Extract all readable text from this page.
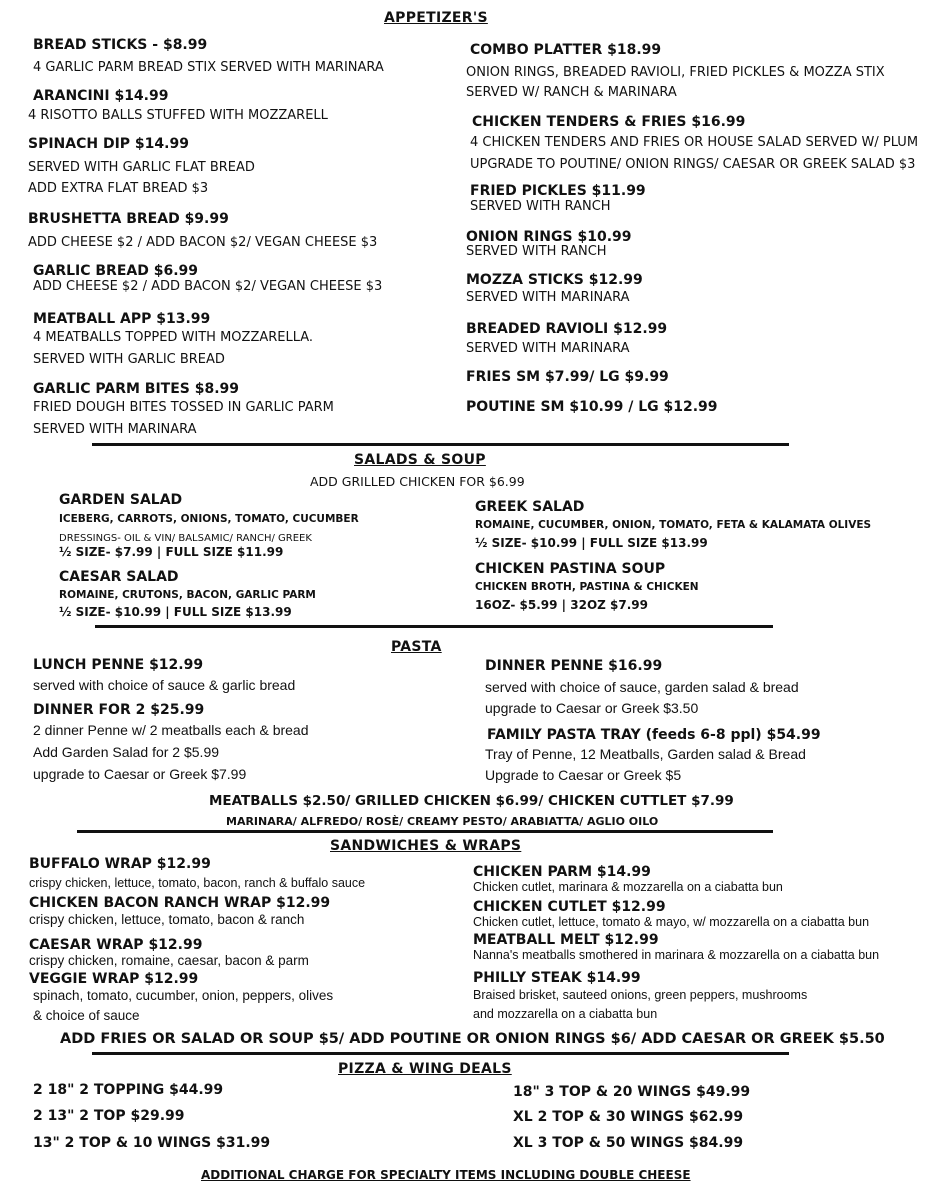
APPETIZER'S
BREAD STICKS - $8.99
4 GARLIC PARM BREAD STIX SERVED WITH MARINARA
ARANCINI $14.99
4 RISOTTO BALLS STUFFED WITH MOZZARELL
SPINACH DIP $14.99
SERVED WITH GARLIC FLAT BREAD
ADD EXTRA FLAT BREAD $3
BRUSHETTA BREAD $9.99
ADD CHEESE $2 / ADD BACON $2/ VEGAN CHEESE $3
GARLIC BREAD $6.99
ADD CHEESE $2 / ADD BACON $2/ VEGAN CHEESE $3
MEATBALL APP $13.99
4 MEATBALLS TOPPED WITH MOZZARELLA.
SERVED WITH GARLIC BREAD
GARLIC PARM BITES $8.99
FRIED DOUGH BITES TOSSED IN GARLIC PARM
SERVED WITH MARINARA
COMBO PLATTER $18.99
ONION RINGS, BREADED RAVIOLI, FRIED PICKLES & MOZZA STIX
SERVED W/ RANCH & MARINARA
CHICKEN TENDERS & FRIES $16.99
4 CHICKEN TENDERS AND FRIES OR HOUSE SALAD SERVED W/ PLUM
UPGRADE TO POUTINE/ ONION RINGS/ CAESAR OR GREEK SALAD $3
FRIED PICKLES $11.99
SERVED WITH RANCH
ONION RINGS $10.99
SERVED WITH RANCH
MOZZA STICKS $12.99
SERVED WITH MARINARA
BREADED RAVIOLI $12.99
SERVED WITH MARINARA
FRIES SM $7.99/ LG $9.99
POUTINE SM $10.99 / LG $12.99
SALADS & SOUP
ADD GRILLED CHICKEN FOR $6.99
GARDEN SALAD
ICEBERG, CARROTS, ONIONS, TOMATO, CUCUMBER
DRESSINGS- OIL & VIN/ BALSAMIC/ RANCH/ GREEK
½ SIZE- $7.99 | FULL SIZE $11.99
CAESAR SALAD
ROMAINE, CRUTONS, BACON, GARLIC PARM
½ SIZE- $10.99 | FULL SIZE $13.99
GREEK SALAD
ROMAINE, CUCUMBER, ONION, TOMATO, FETA & KALAMATA OLIVES
½ SIZE- $10.99 | FULL SIZE $13.99
CHICKEN PASTINA SOUP
CHICKEN BROTH, PASTINA & CHICKEN
16OZ- $5.99 | 32OZ $7.99
PASTA
LUNCH PENNE $12.99
served with choice of sauce & garlic bread
DINNER FOR 2 $25.99
2 dinner Penne w/ 2 meatballs each & bread
Add Garden Salad for 2 $5.99
upgrade to Caesar or Greek $7.99
DINNER PENNE $16.99
served with choice of sauce, garden salad & bread
upgrade to Caesar or Greek $3.50
FAMILY PASTA TRAY (feeds 6-8 ppl) $54.99
Tray of Penne, 12 Meatballs, Garden salad & Bread
Upgrade to Caesar or Greek $5
MEATBALLS $2.50/ GRILLED CHICKEN $6.99/ CHICKEN CUTTLET $7.99
MARINARA/ ALFREDO/ ROSÈ/ CREAMY PESTO/ ARABIATTA/ AGLIO OILO
SANDWICHES & WRAPS
BUFFALO WRAP $12.99
crispy chicken, lettuce, tomato, bacon, ranch & buffalo sauce
CHICKEN BACON RANCH WRAP $12.99
crispy chicken, lettuce, tomato, bacon & ranch
CAESAR WRAP $12.99
crispy chicken, romaine, caesar, bacon & parm
VEGGIE WRAP $12.99
spinach, tomato, cucumber, onion, peppers, olives
& choice of sauce
CHICKEN PARM $14.99
Chicken cutlet, marinara & mozzarella on a ciabatta bun
CHICKEN CUTLET $12.99
Chicken cutlet, lettuce, tomato & mayo, w/ mozzarella on a ciabatta bun
MEATBALL MELT $12.99
Nanna's meatballs smothered in marinara & mozzarella on a ciabatta bun
PHILLY STEAK $14.99
Braised brisket, sauteed onions, green peppers, mushrooms
and mozzarella on a ciabatta bun
ADD FRIES OR SALAD OR SOUP $5/ ADD POUTINE OR ONION RINGS $6/ ADD CAESAR OR GREEK $5.50
PIZZA & WING DEALS
2 18" 2 TOPPING $44.99
2 13" 2 TOP $29.99
13" 2 TOP & 10 WINGS $31.99
18" 3 TOP & 20 WINGS $49.99
XL 2 TOP & 30 WINGS $62.99
XL 3 TOP & 50 WINGS $84.99
ADDITIONAL CHARGE FOR SPECIALTY ITEMS INCLUDING DOUBLE CHEESE
